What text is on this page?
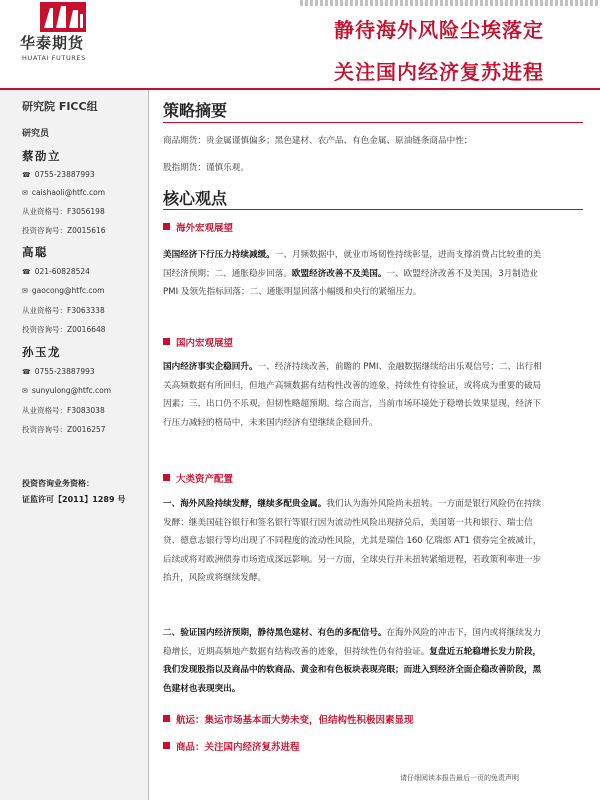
华泰期货
HUATAI FUTURES
静待海外风险尘埃落定
关注国内经济复苏进程
研究院 FICC组
研究员
蔡劭立
☎ 0755-23887993
✉ caishaoli@htfc.com
从业资格号：F3056198
投资咨询号：Z0015616
高聪
☎ 021-60828524
✉ gaocong@htfc.com
从业资格号：F3063338
投资咨询号：Z0016648
孙玉龙
☎ 0755-23887993
✉ sunyulong@htfc.com
从业资格号：F3083038
投资咨询号：Z0016257
投资咨询业务资格：
证监许可【2011】1289 号
策略摘要
商品期货：贵金属谨慎偏多；黑色建材、农产品、有色金属、原油链条商品中性；
股指期货：谨慎乐观。
核心观点
海外宏观展望
美国经济下行压力持续减缓。一、月频数据中，就业市场韧性持续彰显，进而支撑消费占比较重的美国经济预期；二、通胀稳步回落。欧盟经济改善不及美国。一、欧盟经济改善不及美国，3月制造业 PMI 及领先指标回落；二、通胀明显回落小幅缓和央行的紧缩压力。
国内宏观展望
国内经济事实企稳回升。一、经济持续改善，前瞻的 PMI、金融数据继续给出乐观信号；二、出行相关高频数据有所回归，但地产高频数据有结构性改善的迹象，持续性有待验证，或将成为重要的破局因素；三、出口仍不乐观，但韧性略超预期。综合而言，当前市场环境处于稳增长效果显现，经济下行压力减轻的格局中，未来国内经济有望继续企稳回升。
大类资产配置
一、海外风险持续发酵，继续多配贵金属。我们认为海外风险尚未扭转。一方面是银行风险仍在持续发酵：继美国硅谷银行和签名银行等银行因为流动性风险出现挤兑后，美国第一共和银行、瑞士信贷、德意志银行等均出现了不同程度的流动性风险，尤其是瑞信 160 亿瑞郎 AT1 债券完全被减计，后续或将对欧洲债券市场造成深远影响。另一方面，全球央行并未扭转紧缩进程，若政策利率进一步抬升，风险或将继续发酵。
二、验证国内经济预期，静待黑色建材、有色的多配信号。在海外风险的冲击下，国内或将继续发力稳增长，近期高频地产数据有结构改善的迹象，但持续性仍有待验证。复盘近五轮稳增长发力阶段，我们发现股指以及商品中的软商品、黄金和有色板块表现亮眼；而进入到经济全面企稳改善阶段，黑色建材也表现突出。
航运：集运市场基本面大势未变，但结构性积极因素显现
商品：关注国内经济复苏进程
请仔细阅读本报告最后一页的免责声明
